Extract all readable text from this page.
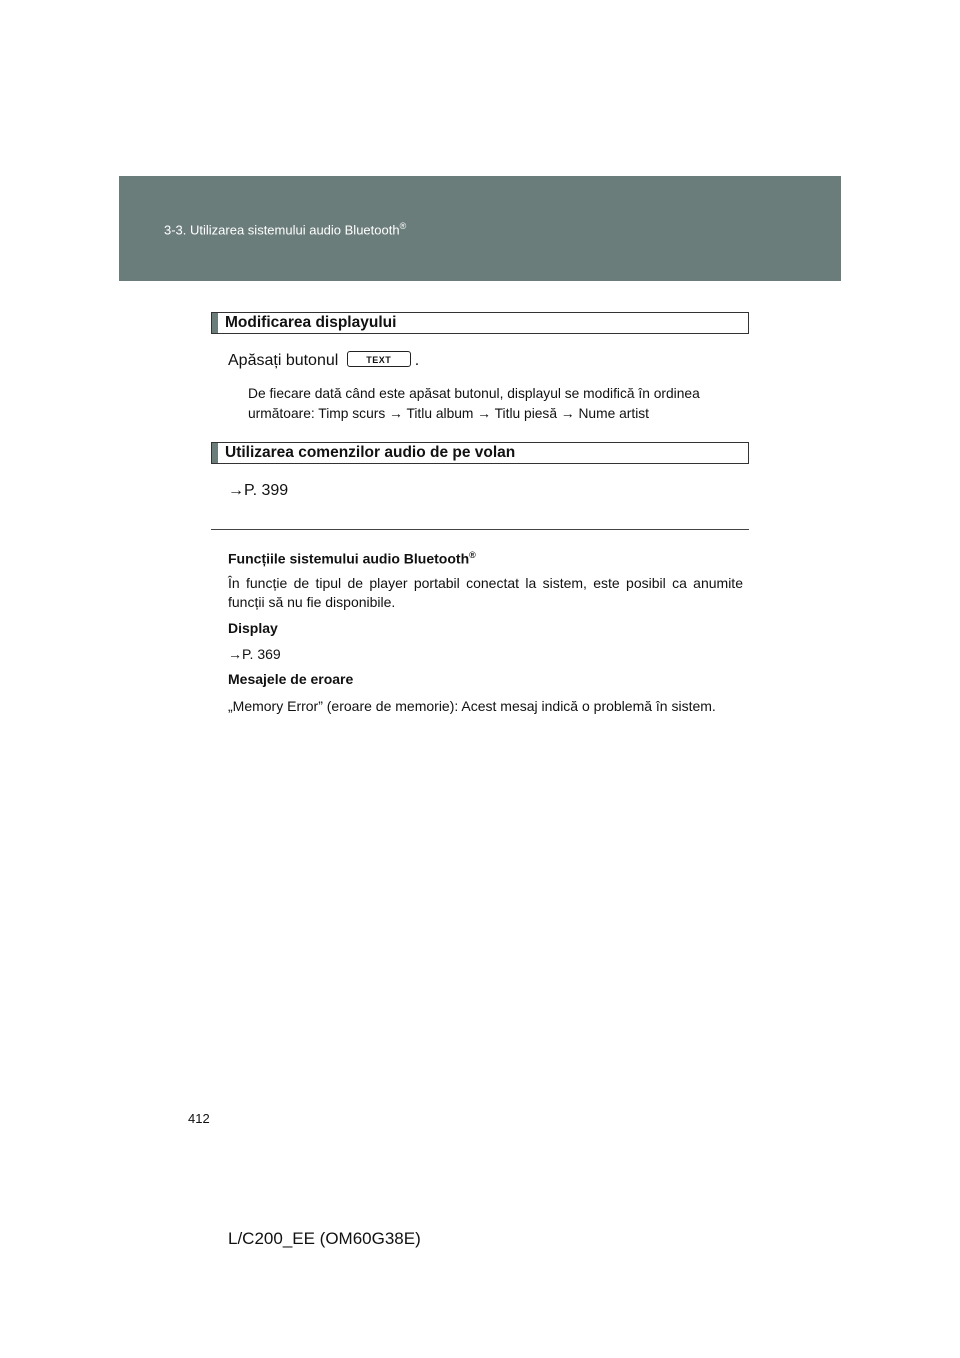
3-3. Utilizarea sistemului audio Bluetooth®
Modificarea displayului
Apăsați butonul	TEXT .
De fiecare dată când este apăsat butonul, displayul se modifică în ordinea următoare: Timp scurs → Titlu album → Titlu piesă → Nume artist
Utilizarea comenzilor audio de pe volan
→P. 399
Funcțiile sistemului audio Bluetooth®
În funcție de tipul de player portabil conectat la sistem, este posibil ca anumite funcții să nu fie disponibile.
Display
→P. 369
Mesajele de eroare
„Memory Error” (eroare de memorie): Acest mesaj indică o problemă în sistem.
412
L/C200_EE (OM60G38E)
